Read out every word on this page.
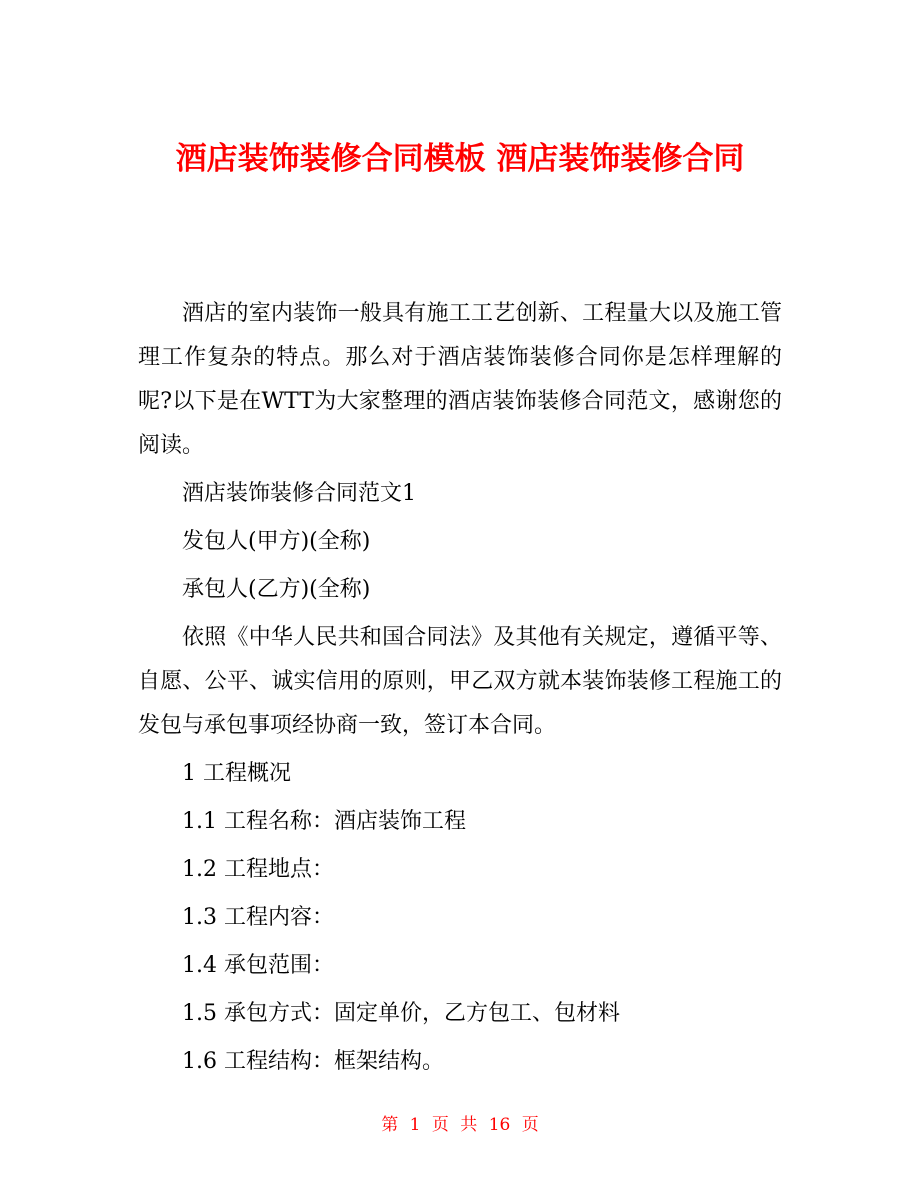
酒店装饰装修合同模板 酒店装饰装修合同

酒店的室内装饰一般具有施工工艺创新、工程量大以及施工管理工作复杂的特点。那么对于酒店装饰装修合同你是怎样理解的呢?以下是在WTT为大家整理的酒店装饰装修合同范文，感谢您的阅读。

酒店装饰装修合同范文1

发包人(甲方)(全称)

承包人(乙方)(全称)

依照《中华人民共和国合同法》及其他有关规定，遵循平等、自愿、公平、诚实信用的原则，甲乙双方就本装饰装修工程施工的发包与承包事项经协商一致，签订本合同。

1 工程概况

1.1 工程名称：酒店装饰工程

1.2 工程地点：

1.3 工程内容：

1.4 承包范围：

1.5 承包方式：固定单价，乙方包工、包材料

1.6 工程结构：框架结构。

第 1 页 共 16 页
